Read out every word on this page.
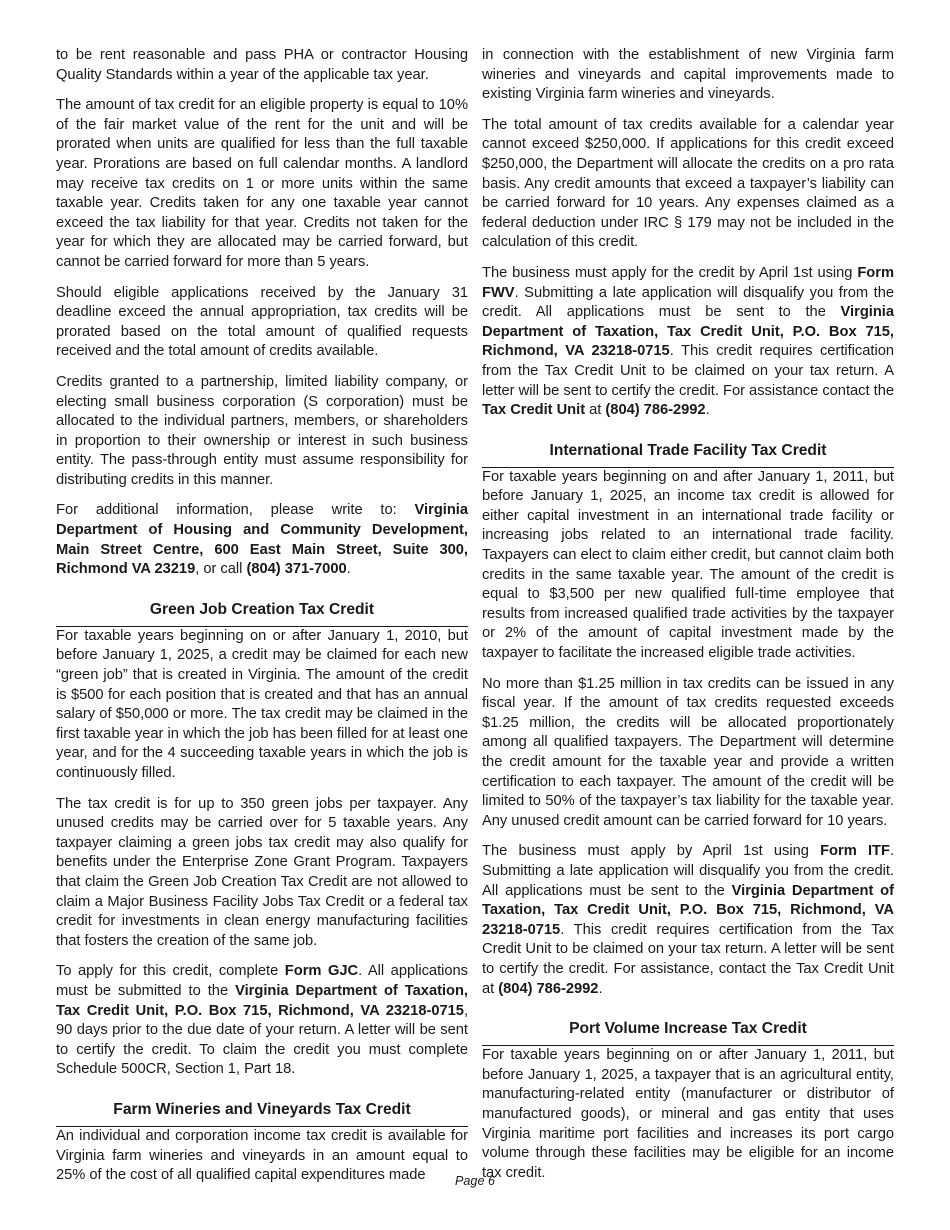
to be rent reasonable and pass PHA or contractor Housing Quality Standards within a year of the applicable tax year.

The amount of tax credit for an eligible property is equal to 10% of the fair market value of the rent for the unit and will be prorated when units are qualified for less than the full taxable year. Prorations are based on full calendar months. A landlord may receive tax credits on 1 or more units within the same taxable year. Credits taken for any one taxable year cannot exceed the tax liability for that year. Credits not taken for the year for which they are allocated may be carried forward, but cannot be carried forward for more than 5 years.

Should eligible applications received by the January 31 deadline exceed the annual appropriation, tax credits will be prorated based on the total amount of qualified requests received and the total amount of credits available.

Credits granted to a partnership, limited liability company, or electing small business corporation (S corporation) must be allocated to the individual partners, members, or shareholders in proportion to their ownership or interest in such business entity. The pass-through entity must assume responsibility for distributing credits in this manner.

For additional information, please write to: Virginia Department of Housing and Community Development, Main Street Centre, 600 East Main Street, Suite 300, Richmond VA 23219, or call (804) 371-7000.

Green Job Creation Tax Credit

For taxable years beginning on or after January 1, 2010, but before January 1, 2025, a credit may be claimed for each new “green job” that is created in Virginia. The amount of the credit is $500 for each position that is created and that has an annual salary of $50,000 or more. The tax credit may be claimed in the first taxable year in which the job has been filled for at least one year, and for the 4 succeeding taxable years in which the job is continuously filled.

The tax credit is for up to 350 green jobs per taxpayer. Any unused credits may be carried over for 5 taxable years. Any taxpayer claiming a green jobs tax credit may also qualify for benefits under the Enterprise Zone Grant Program. Taxpayers that claim the Green Job Creation Tax Credit are not allowed to claim a Major Business Facility Jobs Tax Credit or a federal tax credit for investments in clean energy manufacturing facilities that fosters the creation of the same job.

To apply for this credit, complete Form GJC. All applications must be submitted to the Virginia Department of Taxation, Tax Credit Unit, P.O. Box 715, Richmond, VA 23218-0715, 90 days prior to the due date of your return. A letter will be sent to certify the credit. To claim the credit you must complete Schedule 500CR, Section 1, Part 18.

Farm Wineries and Vineyards Tax Credit

An individual and corporation income tax credit is available for Virginia farm wineries and vineyards in an amount equal to 25% of the cost of all qualified capital expenditures made

in connection with the establishment of new Virginia farm wineries and vineyards and capital improvements made to existing Virginia farm wineries and vineyards.

The total amount of tax credits available for a calendar year cannot exceed $250,000. If applications for this credit exceed $250,000, the Department will allocate the credits on a pro rata basis. Any credit amounts that exceed a taxpayer’s liability can be carried forward for 10 years. Any expenses claimed as a federal deduction under IRC § 179 may not be included in the calculation of this credit.

The business must apply for the credit by April 1st using Form FWV. Submitting a late application will disqualify you from the credit. All applications must be sent to the Virginia Department of Taxation, Tax Credit Unit, P.O. Box 715, Richmond, VA 23218-0715. This credit requires certification from the Tax Credit Unit to be claimed on your tax return. A letter will be sent to certify the credit. For assistance contact the Tax Credit Unit at (804) 786-2992.

International Trade Facility Tax Credit

For taxable years beginning on and after January 1, 2011, but before January 1, 2025, an income tax credit is allowed for either capital investment in an international trade facility or increasing jobs related to an international trade facility. Taxpayers can elect to claim either credit, but cannot claim both credits in the same taxable year. The amount of the credit is equal to $3,500 per new qualified full-time employee that results from increased qualified trade activities by the taxpayer or 2% of the amount of capital investment made by the taxpayer to facilitate the increased eligible trade activities.

No more than $1.25 million in tax credits can be issued in any fiscal year. If the amount of tax credits requested exceeds $1.25 million, the credits will be allocated proportionately among all qualified taxpayers. The Department will determine the credit amount for the taxable year and provide a written certification to each taxpayer. The amount of the credit will be limited to 50% of the taxpayer’s tax liability for the taxable year. Any unused credit amount can be carried forward for 10 years.

The business must apply by April 1st using Form ITF. Submitting a late application will disqualify you from the credit. All applications must be sent to the Virginia Department of Taxation, Tax Credit Unit, P.O. Box 715, Richmond, VA 23218-0715. This credit requires certification from the Tax Credit Unit to be claimed on your tax return. A letter will be sent to certify the credit. For assistance, contact the Tax Credit Unit at (804) 786-2992.

Port Volume Increase Tax Credit

For taxable years beginning on or after January 1, 2011, but before January 1, 2025, a taxpayer that is an agricultural entity, manufacturing-related entity (manufacturer or distributor of manufactured goods), or mineral and gas entity that uses Virginia maritime port facilities and increases its port cargo volume through these facilities may be eligible for an income tax credit.

Page 6
